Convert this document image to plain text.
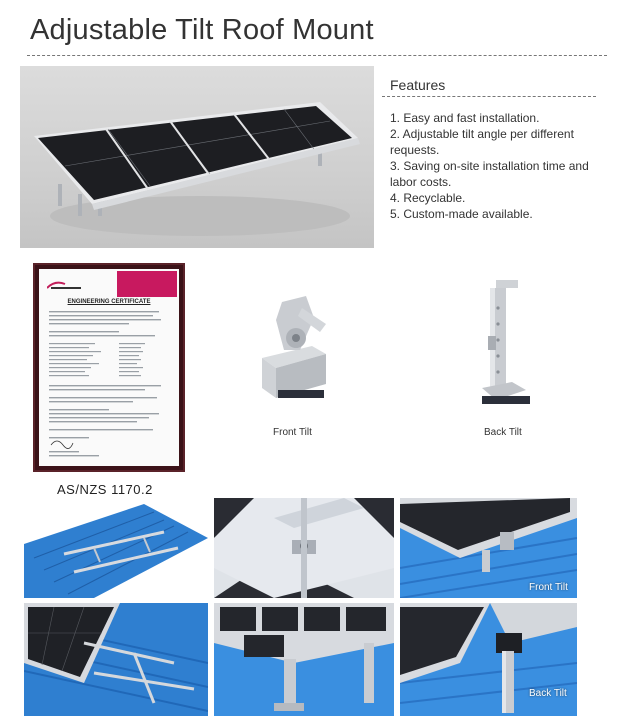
Adjustable Tilt Roof Mount
Features
1. Easy and fast installation.
2. Adjustable tilt angle per different requests.
3. Saving on-site installation time and
labor costs.
4. Recyclable.
5. Custom-made available.
ENGINEERING CERTIFICATE
AS/NZS 1170.2
Front Tilt	Back Tilt
Front Tilt
Back Tilt
